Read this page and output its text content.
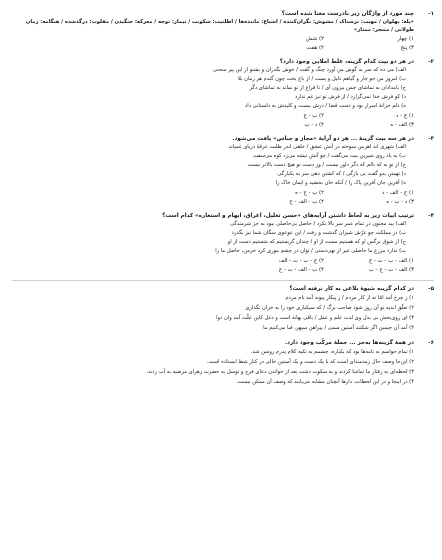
۱-
چند مورد از واژگان زیر نادرست معنا شده است؟
«یله: پهلوان / مهیب: ترسناک / مشوش: نگران‌کننده / اشباع: ماننده‌ها / اطلنیت: سکونت / تیمار: توجه / معرکه: جنگیدن / مفلوب: درگذشده / هنگامه: زمان طولانی / متنجر: ممتاز»
۱) چهار
۲) شش
۳) پنج
۴) هفت
۲-
در هر دو بیت کدام گزینه، غلط املایی وجود دارد؟
الف) می ده که سر به گوش من آورد چنگ و گفت / خوش بگذران و بشنو از این پیر منحنی
ب) امروز من جو خار و گیاهم ذلیل و پست / از باغ بخت چون گندم هر زمان بلا
ج) بامدادان به تماشای چمن بیرون آی / تا فراغ از تو نماند به تماشای دگر
د) کو فرش خدا نمی‌گزارد / از فرش تو نیز غم ندارد
ه) دلم خزانهٔ اسرار بود و دست قضا / درش ببست و کلیدش به دلستانی داد
۱) ج - د
۲) ب - ج
۳) الف - ه
۴) د - ب
۳-
در هر سه بیت گزینهٔ ... هر دو آرایهٔ «مجاز و جناس» یافت می‌شود.
الف) شهری اند اهرمن سوخته در آتش عشق / خلقی اندر طلبت غرقهٔ دریای غمپاند
ب) به یاد روی شیرین بیت می‌گفت / چو آتش تیشه می‌زد کوه می‌سفت
ج) از تو به که نالم که دگر داور نیست / وز دست تو هیچ دست بالاتر نیست
د) تهمتن بدو گفت بی بارگی / که کشتن دهی سر به یکبارگی
ه) آفرین جان آفرین پاک را / آنکه جان بخشید و ایمان خاک را
۱) ج - الف - د
۲) ب - ج - ه
۳) د - ب - ه
۴) ب - الف - ج
۴-
ترتیب ابیات زیر به لحاظ داشتن آرایه‌های «حسن تعلیل، اغراق، ایهام و استعاره» کدام است؟
الف) بید مجنون در تمام عمر سر بالا نکرد / حاصل بی‌حاصلی نبود به جز شرمندگی
ب) در مملکت چو غرّش شیران گذشت و رفت / این عوعوی سگان شما نیز بگذرد
ج) از شوق نرگس او که هستیم مست از او / چندان گریستیم که شستیم دست از او
ت) ندارد مزرع ما حاصلی غیر از تهی‌دستی / توان در چشم موری کرد خرمن، حاصل ما را
۱) الف - ب - ت - ج
۲) ج - ب - ت - الف
۳) الف - ت - ج - ب
۴) ب - الف - ت - ج
۵-
در کدام گزینه شیوهٔ بلاغی به کار نرفته است؟
۱) ز چرخ آمد امّا نه از کار مردم / ز پیکار پیوند آمد نام مردم
۲) تعلّق اندیه تو آن روز شود صاحب برگ / که سیکباری خود را به خزان نگذاری
۳) ای روی‌بخش بی بدل وی لذت علم و عمل / باقی بهانه است و دغل کاین علّت آمد وان دوا
۴) آمد آن جیمین اگر شکنند آستین سمی / پیراهن سپهر، قبا می‌کنیم ما
۶-
در همهٔ گزینه‌ها به‌جز ... جملهٔ مرکّب وجود دارد.
۱) تمام حواسم به نامه‌ها بود که یکباره، چشمم به تکیه کلام پدرم روشن شد.
۲) این‌جا وصف حال زمدمندای است که یا یک دست و یک آستین خالی در کنار شط ایستاده است.
۳) لحظه‌ای به رفتار ما تماشا کردند و به سکوت دشت بعد از خواندن دعای فرج و توسل به حضرت زهرای مرضیه به آب زدند.
۴) در اینجا و در این لحظات، دارها آنچنان مشابه می‌یابند که وصف آن ممکن نیست.
